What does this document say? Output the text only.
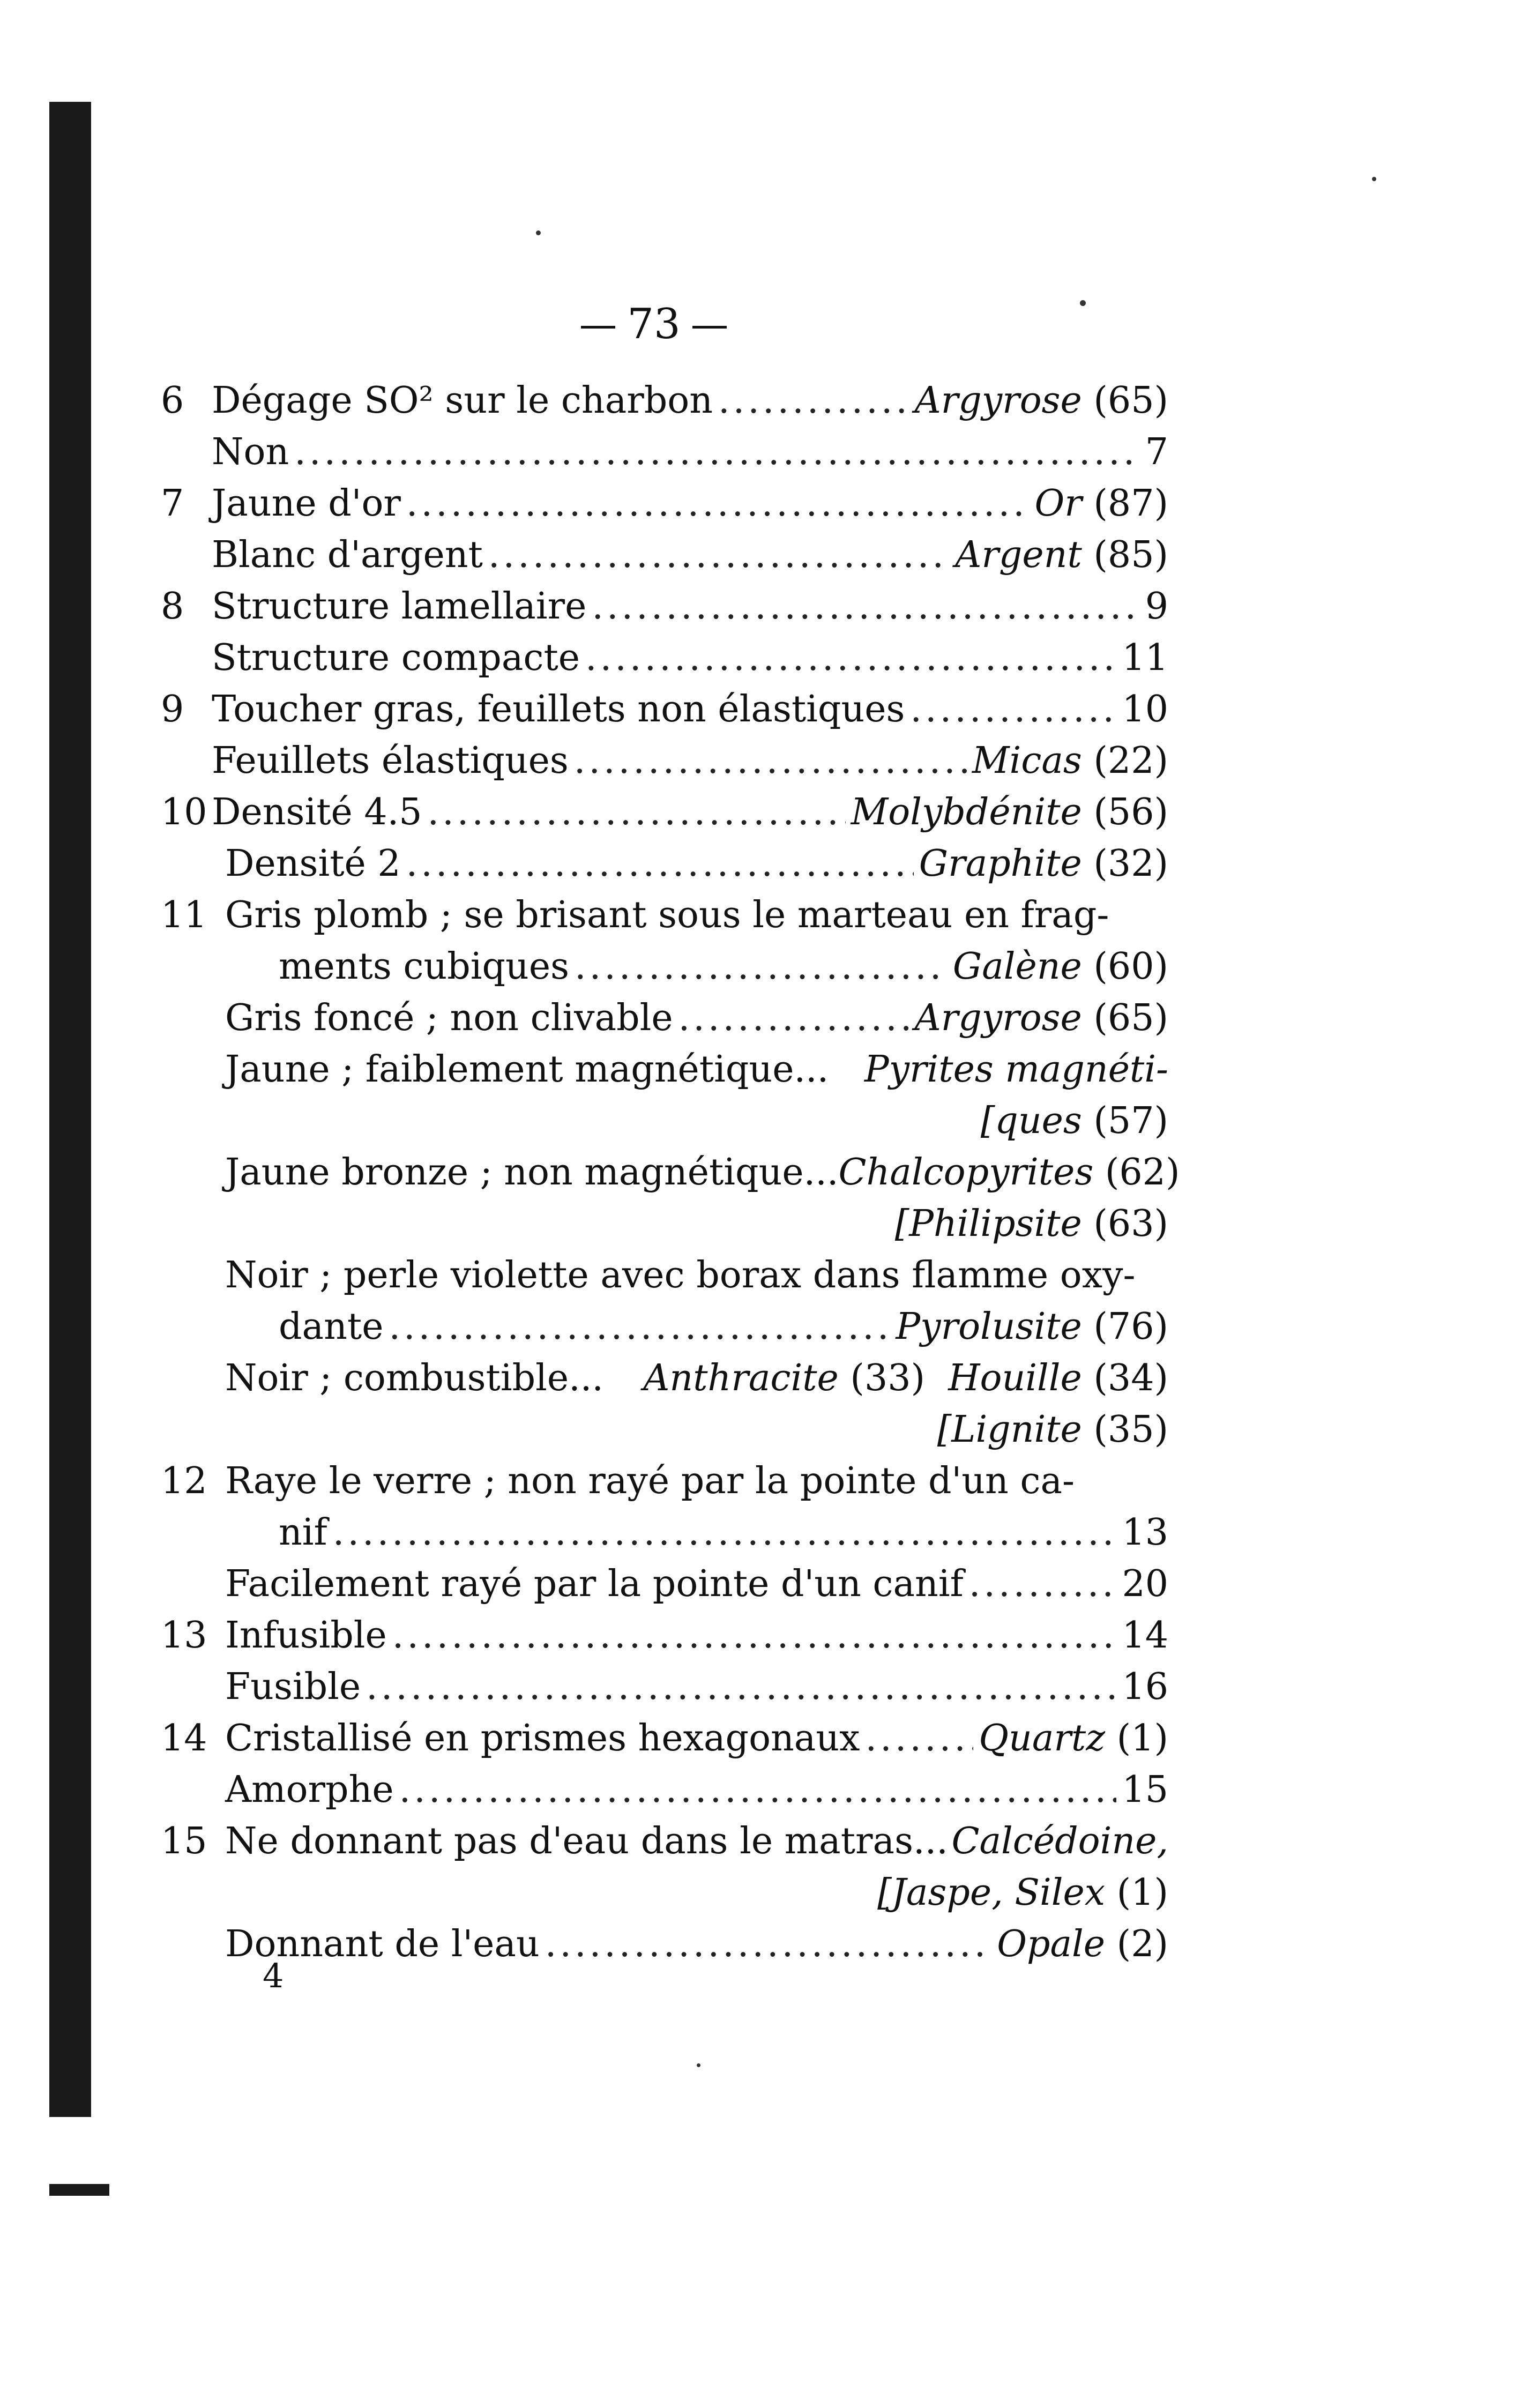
73
6 Dégage SO² sur le charbon .....	Argyrose (65)
Non .....	7
7 Jaune d'or .....	Or (87)
Blanc d'argent .....	Argent (85)
8 Structure lamellaire .....	9
Structure compacte .....	11
9 Toucher gras, feuillets non élastiques .....	10
Feuillets élastiques .....	Micas (22)
10 Densité 4.5 .....	Molybdénite (56)
Densité 2 .....	Graphite (32)
11 Gris plomb ; se brisant sous le marteau en frag-
ments cubiques .....	Galène (60)
Gris foncé ; non clivable .....	Argyrose (65)
Jaune ; faiblement magnétique... Pyrites magnéti-
[ques (57)
Jaune bronze ; non magnétique... Chalcopyrites (62)
[Philipsite (63)
Noir ; perle violette avec borax dans flamme oxy-
dante .....	Pyrolusite (76)
Noir ; combustible... Anthracite (33) Houille (34)
[Lignite (35)
12 Raye le verre ; non rayé par la pointe d'un ca-
nif .....	13
Facilement rayé par la pointe d'un canif .....	20
13 Infusible .....	14
Fusible .....	16
14 Cristallisé en prismes hexagonaux .....	Quartz (1)
Amorphe .....	15
15 Ne donnant pas d'eau dans le matras... Calcédoine,
[Jaspe, Silex (1)
Donnant de l'eau .....	Opale (2)
4
